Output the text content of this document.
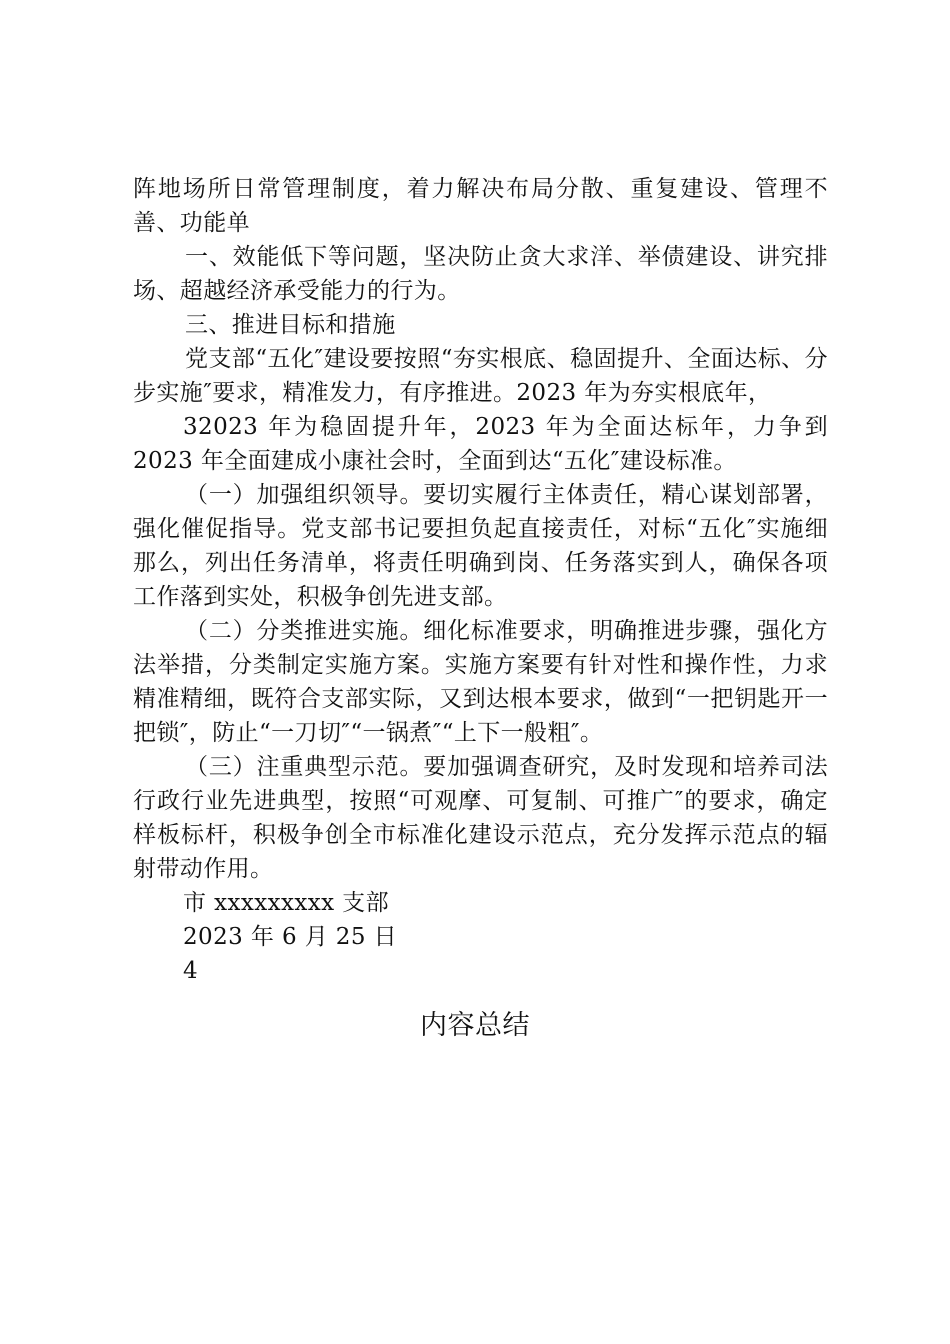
阵地场所日常管理制度，着力解决布局分散、重复建设、管理不善、功能单

一、效能低下等问题，坚决防止贪大求洋、举债建设、讲究排场、超越经济承受能力的行为。

三、推进目标和措施

党支部“五化″建设要按照“夯实根底、稳固提升、全面达标、分步实施″要求，精准发力，有序推进。2023 年为夯实根底年，

32023 年为稳固提升年，2023 年为全面达标年，力争到 2023 年全面建成小康社会时，全面到达“五化″建设标准。

（一）加强组织领导。要切实履行主体责任，精心谋划部署，强化催促指导。党支部书记要担负起直接责任，对标“五化″实施细那么，列出任务清单，将责任明确到岗、任务落实到人，确保各项工作落到实处，积极争创先进支部。

（二）分类推进实施。细化标准要求，明确推进步骤，强化方法举措，分类制定实施方案。实施方案要有针对性和操作性，力求精准精细，既符合支部实际，又到达根本要求，做到“一把钥匙开一把锁″，防止“一刀切″“一锅煮″“上下一般粗″。

（三）注重典型示范。要加强调查研究，及时发现和培养司法行政行业先进典型，按照“可观摩、可复制、可推广″的要求，确定样板标杆，积极争创全市标准化建设示范点，充分发挥示范点的辐射带动作用。

市 xxxxxxxxx 支部

2023 年 6 月 25 日

4

内容总结
